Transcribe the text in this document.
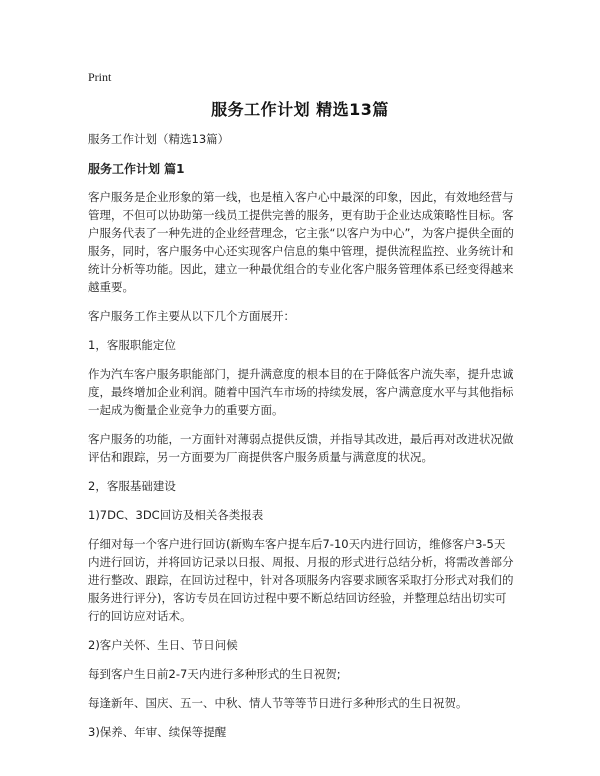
Print
服务工作计划 精选13篇

服务工作计划（精选13篇）

服务工作计划 篇1

客户服务是企业形象的第一线，也是植入客户心中最深的印象，因此，有效地经营与管理，不但可以协助第一线员工提供完善的服务，更有助于企业达成策略性目标。客户服务代表了一种先进的企业经营理念，它主张“以客户为中心”，为客户提供全面的服务，同时，客户服务中心还实现客户信息的集中管理，提供流程监控、业务统计和统计分析等功能。因此，建立一种最优组合的专业化客户服务管理体系已经变得越来越重要。

客户服务工作主要从以下几个方面展开：

1，客服职能定位

作为汽车客户服务职能部门，提升满意度的根本目的在于降低客户流失率，提升忠诚度，最终增加企业利润。随着中国汽车市场的持续发展，客户满意度水平与其他指标一起成为衡量企业竞争力的重要方面。

客户服务的功能，一方面针对薄弱点提供反馈，并指导其改进，最后再对改进状况做评估和跟踪，另一方面要为厂商提供客户服务质量与满意度的状况。

2，客服基础建设

1)7DC、3DC回访及相关各类报表

仔细对每一个客户进行回访(新购车客户提车后7-10天内进行回访，维修客户3-5天内进行回访，并将回访记录以日报、周报、月报的形式进行总结分析，将需改善部分进行整改、跟踪，在回访过程中，针对各项服务内容要求顾客采取打分形式对我们的服务进行评分)，客访专员在回访过程中要不断总结回访经验，并整理总结出切实可行的回访应对话术。

2)客户关怀、生日、节日问候

每到客户生日前2-7天内进行多种形式的生日祝贺;

每逢新年、国庆、五一、中秋、情人节等等节日进行多种形式的生日祝贺。

3)保养、年审、续保等提醒
